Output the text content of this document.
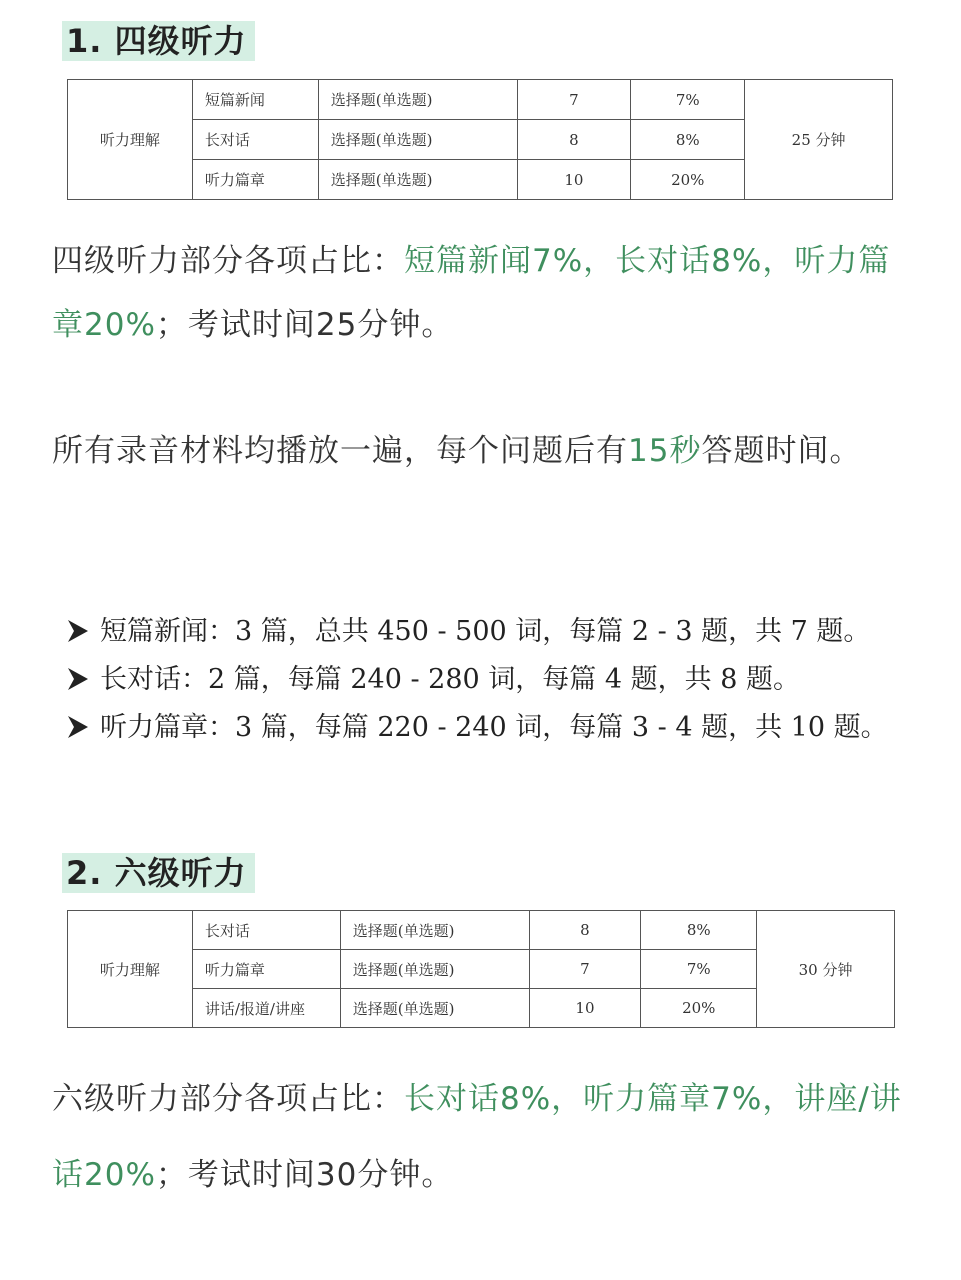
1. 四级听力
听力理解	短篇新闻	选择题(单选题)	7	7%	25 分钟
	长对话	选择题(单选题)	8	8%	
	听力篇章	选择题(单选题)	10	20%	

四级听力部分各项占比：短篇新闻7%，长对话8%，听力篇章20%；考试时间25分钟。

所有录音材料均播放一遍，每个问题后有15秒答题时间。

短篇新闻：3 篇，总共 450 - 500 词，每篇 2 - 3 题，共 7 题。
长对话：2 篇，每篇 240 - 280 词，每篇 4 题，共 8 题。
听力篇章：3 篇，每篇 220 - 240 词，每篇 3 - 4 题，共 10 题。
2. 六级听力
听力理解	长对话	选择题(单选题)	8	8%	30 分钟
	听力篇章	选择题(单选题)	7	7%	
	讲话/报道/讲座	选择题(单选题)	10	20%	

六级听力部分各项占比：长对话8%，听力篇章7%，讲座/讲话20%；考试时间30分钟。
